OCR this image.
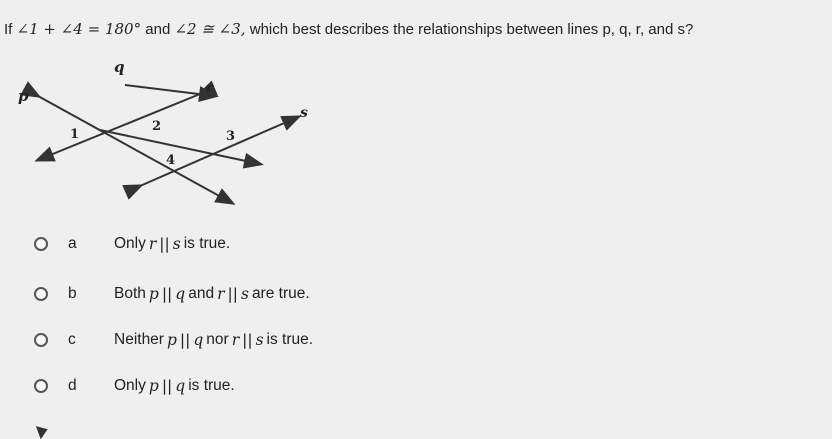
If ∠1 + ∠4 = 180° and ∠2 ≅ ∠3, which best describes the relationships between lines p, q, r, and s?
p
q
r
s
1
2
3
4
a	Only r || s is true.
b	Both p || q and r || s are true.
c	Neither p || q nor r || s is true.
d	Only p || q is true.
